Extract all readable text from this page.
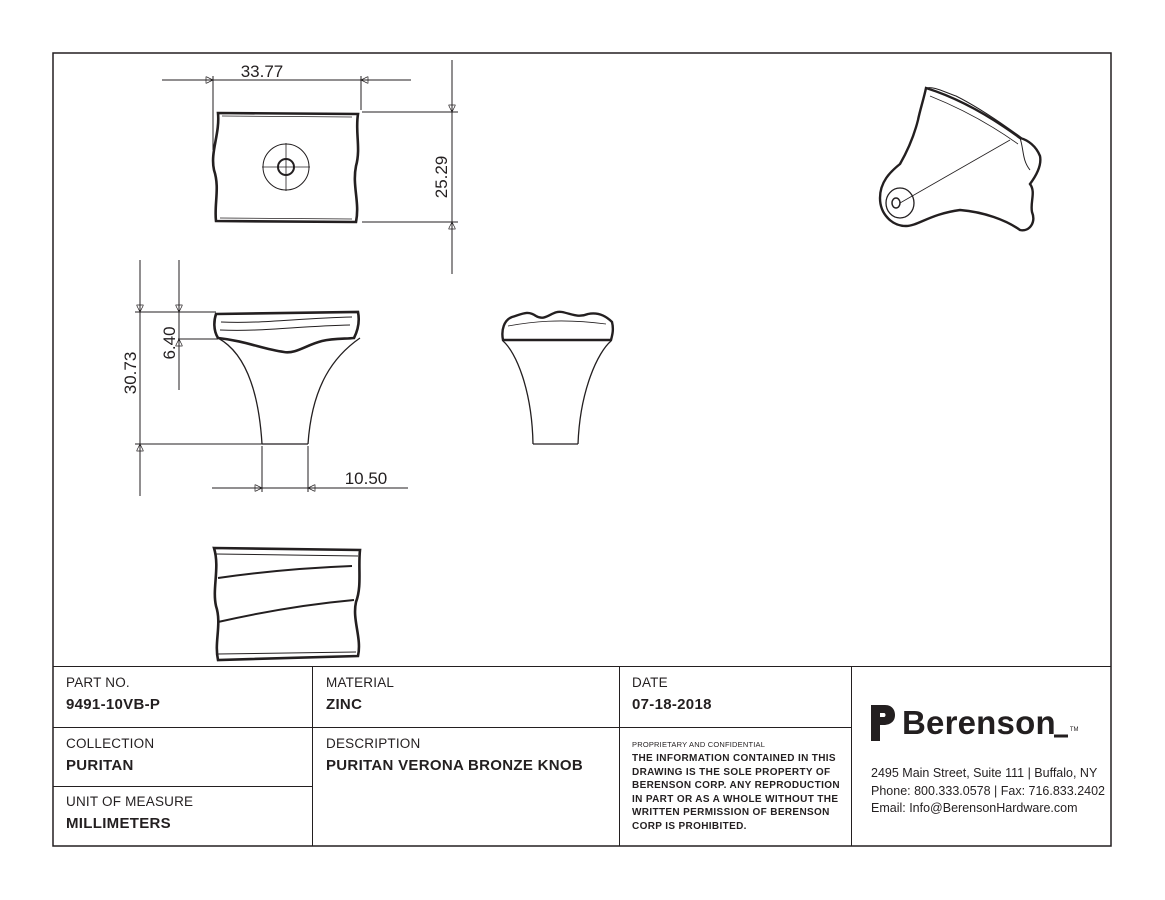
33.77
25.29
30.73
6.40
10.50
PART NO.
9491-10VB-P
MATERIAL
ZINC
DATE
07-18-2018
COLLECTION
PURITAN
DESCRIPTION
PURITAN VERONA BRONZE KNOB
UNIT OF MEASURE
MILLIMETERS
PROPRIETARY AND CONFIDENTIAL
THE INFORMATION CONTAINED IN THIS
DRAWING IS THE SOLE PROPERTY OF
BERENSON CORP. ANY REPRODUCTION
IN PART OR AS A WHOLE WITHOUT THE
WRITTEN PERMISSION OF BERENSON
CORP IS PROHIBITED.
Berenson TM
2495 Main Street, Suite 111 | Buffalo, NY
Phone: 800.333.0578 | Fax: 716.833.2402
Email: Info@BerensonHardware.com
